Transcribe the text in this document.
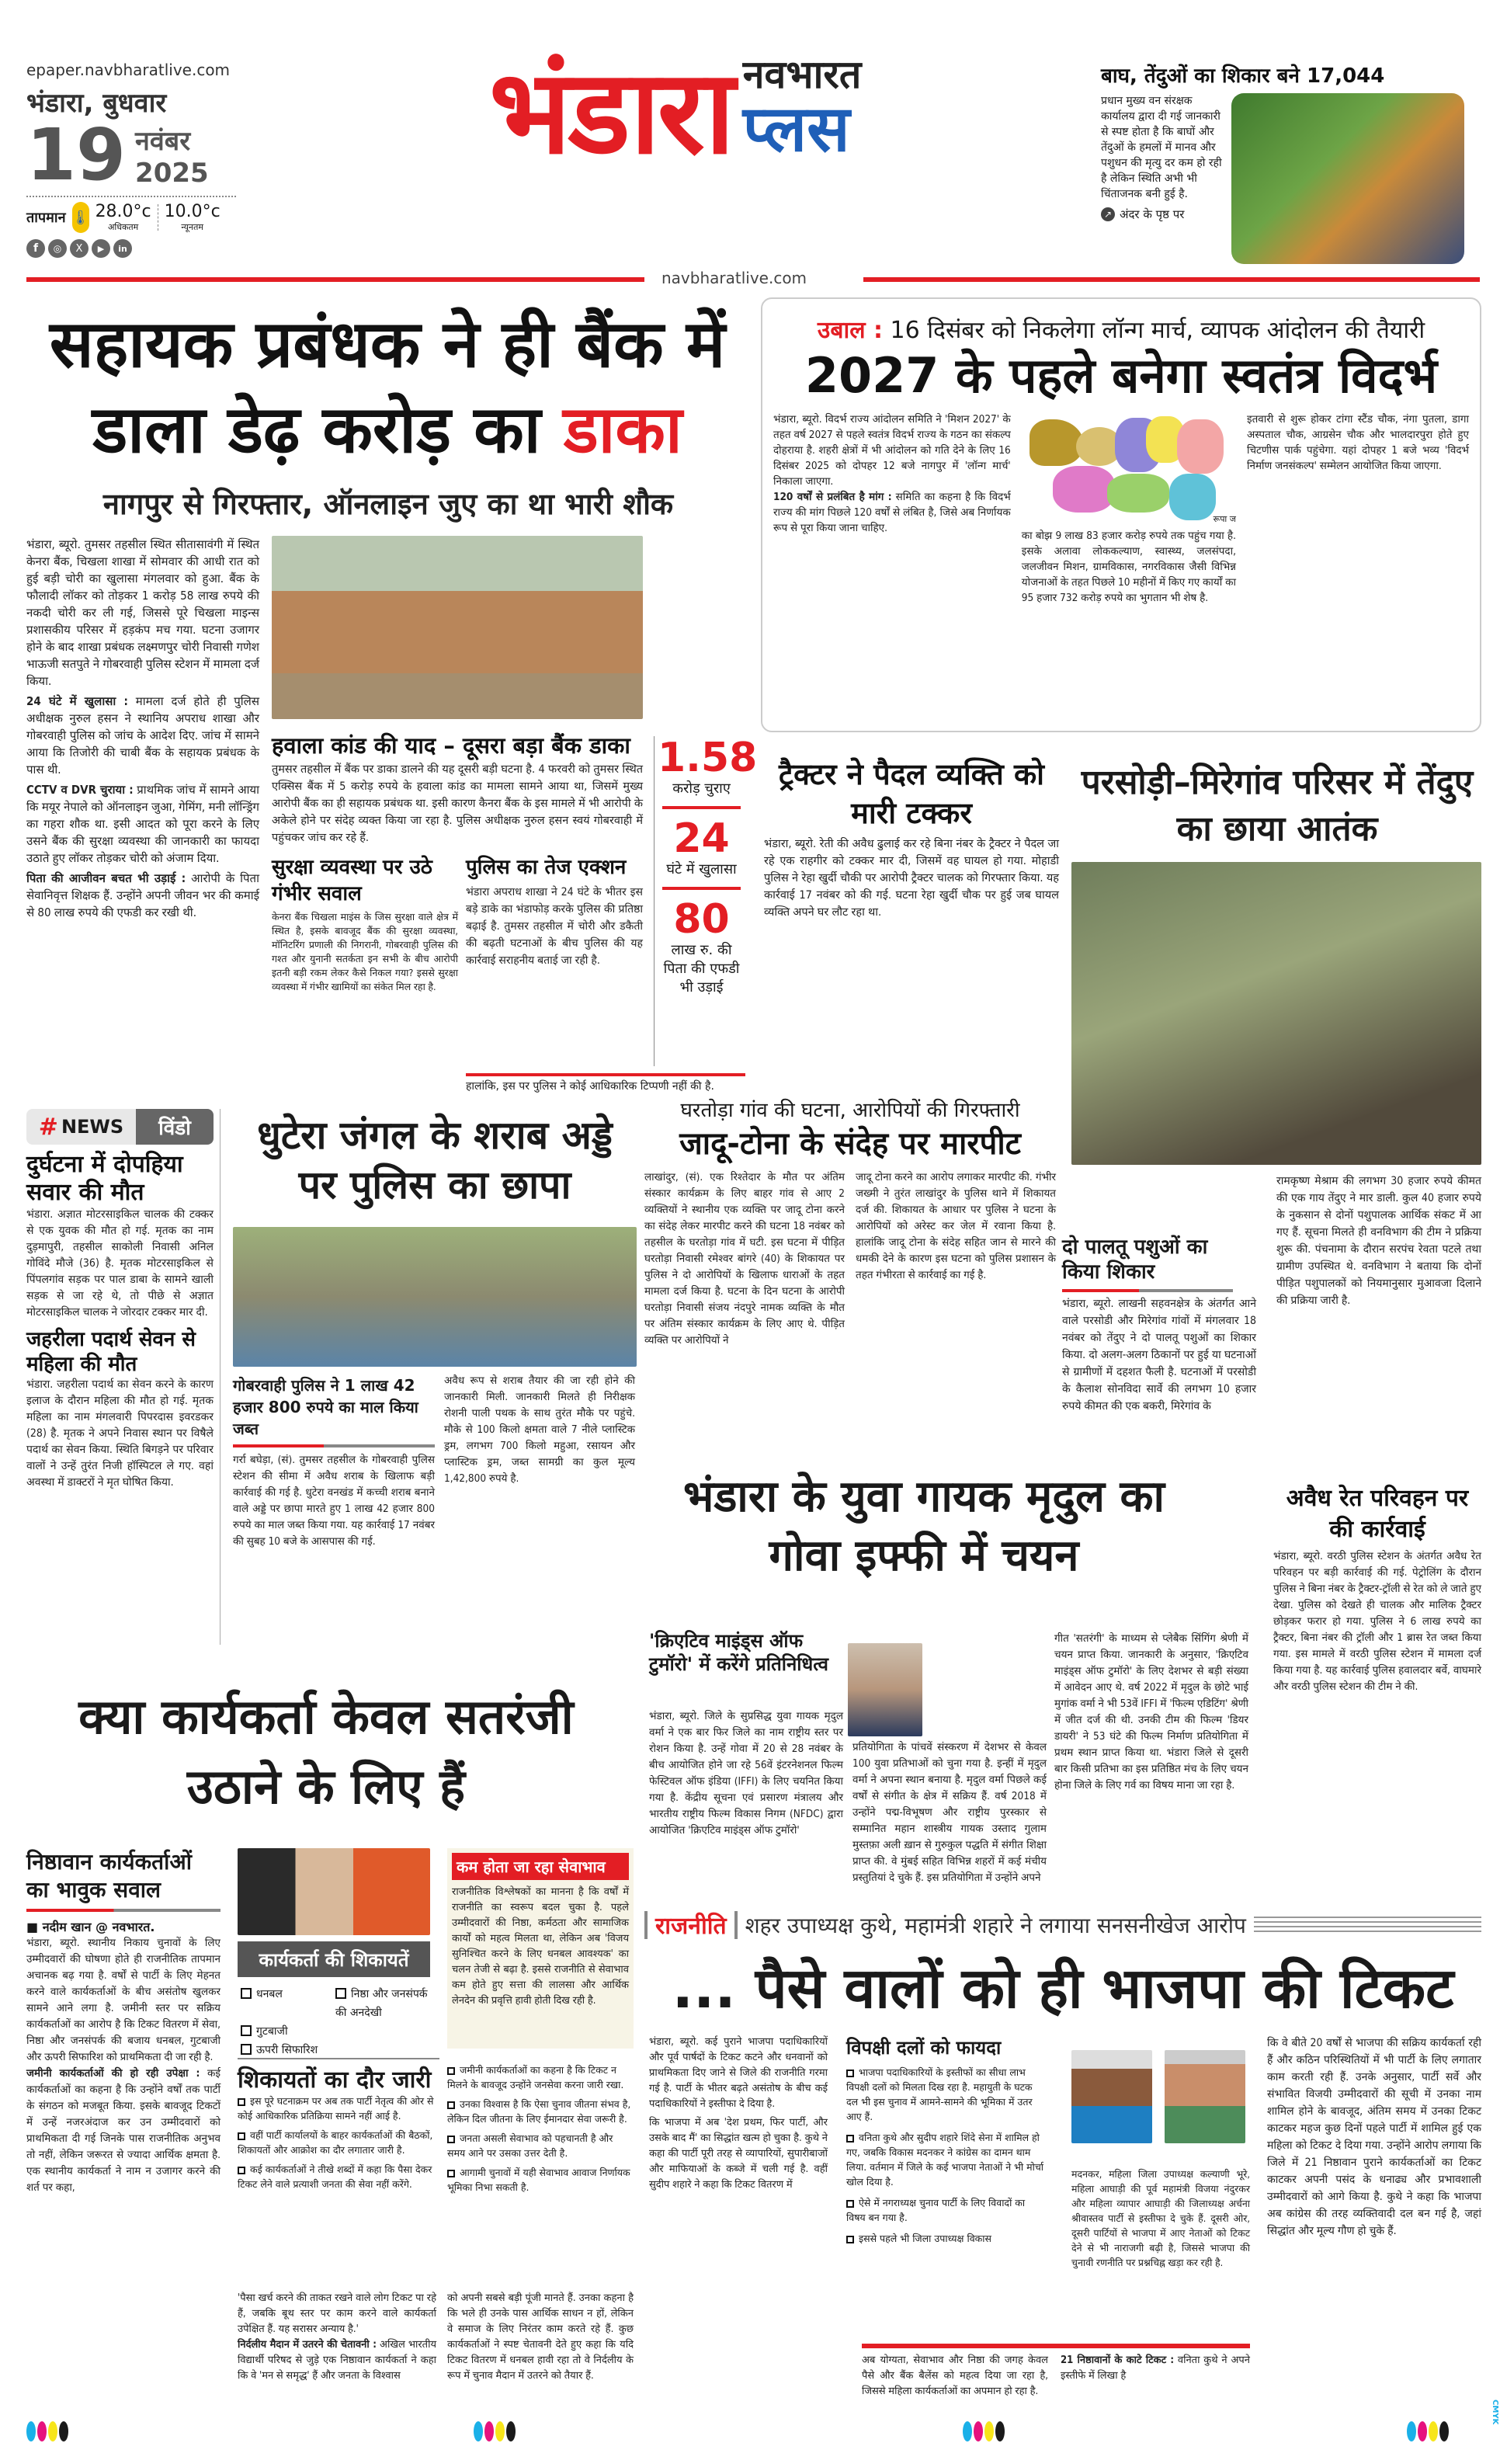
epaper.navbharatlive.com
भंडारा, बुधवार
19 नवंबर
2025
तापमान 🌡 28.0°c
अधिकतम
10.0°c
न्यूनतम
f	◎	X	▶	in
भंडारा नवभारत
प्लस
बाघ, तेंदुओं का शिकार बने 17,044
प्रधान मुख्य वन संरक्षक कार्यालय द्वारा दी गई जानकारी से स्पष्ट होता है कि बाघों और तेंदुओं के हमलों में मानव और पशुधन की मृत्यु दर कम हो रही है लेकिन स्थिति अभी भी चिंताजनक बनी हुई है.
↗ अंदर के पृष्ठ पर
navbharatlive.com
सहायक प्रबंधक ने ही बैंक में
डाला डेढ़ करोड़ का डाका
नागपुर से गिरफ्तार, ऑनलाइन जुए का था भारी शौक

भंडारा, ब्यूरो. तुमसर तहसील स्थित सीतासावंगी में स्थित केनरा बैंक, चिखला शाखा में सोमवार की आधी रात को हुई बड़ी चोरी का खुलासा मंगलवार को हुआ. बैंक के फौलादी लॉकर को तोड़कर 1 करोड़ 58 लाख रुपये की नकदी चोरी कर ली गई, जिससे पूरे चिखला माइन्स प्रशासकीय परिसर में हड़कंप मच गया. घटना उजागर होने के बाद शाखा प्रबंधक लक्ष्मणपुर चोरी निवासी गणेश भाऊजी सतपुते ने गोबरवाही पुलिस स्टेशन में मामला दर्ज किया.

24 घंटे में खुलासा : मामला दर्ज होते ही पुलिस अधीक्षक नुरुल हसन ने स्थानिय अपराध शाखा और गोबरवाही पुलिस को जांच के आदेश दिए. जांच में सामने आया कि तिजोरी की चाबी बैंक के सहायक प्रबंधक के पास थी.

CCTV व DVR चुराया : प्राथमिक जांच में सामने आया कि मयूर नेपाले को ऑनलाइन जुआ, गेमिंग, मनी लॉन्ड्रिंग का गहरा शौक था. इसी आदत को पूरा करने के लिए उसने बैंक की सुरक्षा व्यवस्था की जानकारी का फायदा उठाते हुए लॉकर तोड़कर चोरी को अंजाम दिया.

पिता की आजीवन बचत भी उड़ाई : आरोपी के पिता सेवानिवृत्त शिक्षक हैं. उन्होंने अपनी जीवन भर की कमाई से 80 लाख रुपये की एफडी कर रखी थी.

हवाला कांड की याद – दूसरा बड़ा बैंक डाका

तुमसर तहसील में बैंक पर डाका डालने की यह दूसरी बड़ी घटना है. 4 फरवरी को तुमसर स्थित एक्सिस बैंक में 5 करोड़ रुपये के हवाला कांड का मामला सामने आया था, जिसमें मुख्य आरोपी बैंक का ही सहायक प्रबंधक था. इसी कारण कैनरा बैंक के इस मामले में भी आरोपी के अकेले होने पर संदेह व्यक्त किया जा रहा है. पुलिस अधीक्षक नुरुल हसन स्वयं गोबरवाही में पहुंचकर जांच कर रहे हैं.

सुरक्षा व्यवस्था पर उठे गंभीर सवाल

केनरा बैंक चिखला माइंस के जिस सुरक्षा वाले क्षेत्र में स्थित है, इसके बावजूद बैंक की सुरक्षा व्यवस्था, मॉनिटरिंग प्रणाली की निगरानी, गोबरवाही पुलिस की गश्त और युनानी सतर्कता इन सभी के बीच आरोपी इतनी बड़ी रकम लेकर कैसे निकल गया? इससे सुरक्षा व्यवस्था में गंभीर खामियों का संकेत मिल रहा है.

पुलिस का तेज एक्शन

भंडारा अपराध शाखा ने 24 घंटे के भीतर इस बड़े डाके का भंडाफोड़ करके पुलिस की प्रतिष्ठा बढ़ाई है. तुमसर तहसील में चोरी और डकैती की बढ़ती घटनाओं के बीच पुलिस की यह कार्रवाई सराहनीय बताई जा रही है.

1.58
करोड़ चुराए
24
घंटे में खुलासा
80
लाख रु. की पिता की एफडी भी उड़ाई
हालांकि, इस पर पुलिस ने कोई आधिकारिक टिप्पणी नहीं की है.
उबाल : 16 दिसंबर को निकलेगा लॉन्ग मार्च, व्यापक आंदोलन की तैयारी
2027 के पहले बनेगा स्वतंत्र विदर्भ

भंडारा, ब्यूरो. विदर्भ राज्य आंदोलन समिति ने 'मिशन 2027' के तहत वर्ष 2027 से पहले स्वतंत्र विदर्भ राज्य के गठन का संकल्प दोहराया है. शहरी क्षेत्रों में भी आंदोलन को गति देने के लिए 16 दिसंबर 2025 को दोपहर 12 बजे नागपुर में 'लॉन्ग मार्च' निकाला जाएगा.

120 वर्षों से प्रलंबित है मांग : समिति का कहना है कि विदर्भ राज्य की मांग पिछले 120 वर्षों से लंबित है, जिसे अब निर्णायक रूप से पूरा किया जाना चाहिए.

रूपा ज

का बोझ 9 लाख 83 हजार करोड़ रुपये तक पहुंच गया है. इसके अलावा लोककल्याण, स्वास्थ्य, जलसंपदा, जलजीवन मिशन, ग्रामविकास, नगरविकास जैसी विभिन्न योजनाओं के तहत पिछले 10 महीनों में किए गए कार्यों का 95 हजार 732 करोड़ रुपये का भुगतान भी शेष है.

इतवारी से शुरू होकर टांगा स्टैंड चौक, नंगा पुतला, डागा अस्पताल चौक, आग्रसेन चौक और भालदारपुरा होते हुए चिटणीस पार्क पहुंचेगा. यहां दोपहर 1 बजे भव्य 'विदर्भ निर्माण जनसंकल्प' सम्मेलन आयोजित किया जाएगा.

ट्रैक्टर ने पैदल व्यक्ति को मारी टक्कर

भंडारा, ब्यूरो. रेती की अवैध ढुलाई कर रहे बिना नंबर के ट्रैक्टर ने पैदल जा रहे एक राहगीर को टक्कर मार दी, जिसमें वह घायल हो गया. मोहाडी पुलिस ने रेहा खुर्दी चौकी पर आरोपी ट्रैक्टर चालक को गिरफ्तार किया. यह कार्रवाई 17 नवंबर को की गई. घटना रेहा खुर्दी चौक पर हुई जब घायल व्यक्ति अपने घर लौट रहा था.

परसोड़ी–मिरेगांव परिसर में तेंदुए का छाया आतंक
दो पालतू पशुओं का किया शिकार

भंडारा, ब्यूरो. लाखनी सहवनक्षेत्र के अंतर्गत आने वाले परसोडी और मिरेगांव गांवों में मंगलवार 18 नवंबर को तेंदुए ने दो पालतू पशुओं का शिकार किया. दो अलग-अलग ठिकानों पर हुई या घटनाओं से ग्रामीणों में दहशत फैली है. घटनाओं में परसोडी के कैलाश सोनविदा सार्वे की लगभग 10 हजार रुपये कीमत की एक बकरी, मिरेगांव के

रामकृष्ण मेश्राम की लगभग 30 हजार रुपये कीमत की एक गाय तेंदुए ने मार डाली. कुल 40 हजार रुपये के नुकसान से दोनों पशुपालक आर्थिक संकट में आ गए हैं. सूचना मिलते ही वनविभाग की टीम ने प्रक्रिया शुरू की. पंचनामा के दौरान सरपंच रेवता पटले तथा ग्रामीण उपस्थित थे. वनविभाग ने बताया कि दोनों पीड़ित पशुपालकों को नियमानुसार मुआवजा दिलाने की प्रक्रिया जारी है.

# NEWS	विंडो
दुर्घटना में दोपहिया सवार की मौत

भंडारा. अज्ञात मोटरसाइकिल चालक की टक्कर से एक युवक की मौत हो गई. मृतक का नाम दुड़मापुरी, तहसील साकोली निवासी अनिल गोविंदे मौजे (36) है. मृतक मोटरसाइकिल से पिंपलगांव सड़क पर पाल डाबा के सामने खाली सड़क से जा रहे थे, तो पीछे से अज्ञात मोटरसाइकिल चालक ने जोरदार टक्कर मार दी.

जहरीला पदार्थ सेवन से महिला की मौत

भंडारा. जहरीला पदार्थ का सेवन करने के कारण इलाज के दौरान महिला की मौत हो गई. मृतक महिला का नाम मंगलवारी पिपरदास इवरडकर (28) है. मृतक ने अपने निवास स्थान पर विषैले पदार्थ का सेवन किया. स्थिति बिगड़ने पर परिवार वालों ने उन्हें तुरंत निजी हॉस्पिटल ले गए. वहां अवस्था में डाक्टरों ने मृत घोषित किया.

धुटेरा जंगल के शराब अड्डे पर पुलिस का छापा
गोबरवाही पुलिस ने 1 लाख 42 हजार 800 रुपये का माल किया जब्त

गर्रा बघेड़ा, (सं). तुमसर तहसील के गोबरवाही पुलिस स्टेशन की सीमा में अवैध शराब के खिलाफ बड़ी कार्रवाई की गई है. धुटेरा वनखंड में कच्ची शराब बनाने वाले अड्डे पर छापा मारते हुए 1 लाख 42 हजार 800 रुपये का माल जब्त किया गया. यह कार्रवाई 17 नवंबर की सुबह 10 बजे के आसपास की गई.

अवैध रूप से शराब तैयार की जा रही होने की जानकारी मिली. जानकारी मिलते ही निरीक्षक रोशनी पाली पथक के साथ तुरंत मौके पर पहुंचे. मौके से 100 किलो क्षमता वाले 7 नीले प्लास्टिक ड्रम, लगभग 700 किलो महुआ, रसायन और प्लास्टिक ड्रम, जब्त सामग्री का कुल मूल्य 1,42,800 रुपये है.

घरतोड़ा गांव की घटना, आरोपियों की गिरफ्तारी
जादू-टोना के संदेह पर मारपीट

लाखांदुर, (सं). एक रिश्तेदार के मौत पर अंतिम संस्कार कार्यक्रम के लिए बाहर गांव से आए 2 व्यक्तियों ने स्थानीय एक व्यक्ति पर जादू टोना करने का संदेह लेकर मारपीट करने की घटना 18 नवंबर को तहसील के घरतोड़ा गांव में घटी. इस घटना में पीड़ित घरतोड़ा निवासी रमेश्वर बांगरे (40) के शिकायत पर पुलिस ने दो आरोपियों के खिलाफ धाराओं के तहत मामला दर्ज किया है. घटना के दिन घटना के आरोपी घरतोड़ा निवासी संजय नंदपुरे नामक व्यक्ति के मौत पर अंतिम संस्कार कार्यक्रम के लिए आए थे. पीड़ित व्यक्ति पर आरोपियों ने

जादू टोना करने का आरोप लगाकर मारपीट की. गंभीर जख्मी ने तुरंत लाखांदुर के पुलिस थाने में शिकायत दर्ज की. शिकायत के आधार पर पुलिस ने घटना के आरोपियों को अरेस्ट कर जेल में रवाना किया है. हालांकि जादू टोना के संदेह सहित जान से मारने की धमकी देने के कारण इस घटना को पुलिस प्रशासन के तहत गंभीरता से कार्रवाई का गई है.

भंडारा के युवा गायक मृदुल का गोवा इफ्फी में चयन
'क्रिएटिव माइंड्स ऑफ टुमॉरो' में करेंगे प्रतिनिधित्व

भंडारा, ब्यूरो. जिले के सुप्रसिद्ध युवा गायक मृदुल वर्मा ने एक बार फिर जिले का नाम राष्ट्रीय स्तर पर रोशन किया है. उन्हें गोवा में 20 से 28 नवंबर के बीच आयोजित होने जा रहे 56वें इंटरनेशनल फिल्म फेस्टिवल ऑफ इंडिया (IFFI) के लिए चयनित किया गया है. केंद्रीय सूचना एवं प्रसारण मंत्रालय और भारतीय राष्ट्रीय फिल्म विकास निगम (NFDC) द्वारा आयोजित 'क्रिएटिव माइंड्स ऑफ टुमॉरो'

प्रतियोगिता के पांचवें संस्करण में देशभर से केवल 100 युवा प्रतिभाओं को चुना गया है. इन्हीं में मृदुल वर्मा ने अपना स्थान बनाया है. मृदुल वर्मा पिछले कई वर्षों से संगीत के क्षेत्र में सक्रिय हैं. वर्ष 2018 में उन्होंने पद्म-विभूषण और राष्ट्रीय पुरस्कार से सम्मानित महान शास्त्रीय गायक उस्ताद गुलाम मुस्तफ़ा अली ख़ान से गुरुकुल पद्धति में संगीत शिक्षा प्राप्त की. वे मुंबई सहित विभिन्न शहरों में कई मंचीय प्रस्तुतियां दे चुके हैं. इस प्रतियोगिता में उन्होंने अपने

गीत 'सतरंगी' के माध्यम से प्लेबैक सिंगिंग श्रेणी में चयन प्राप्त किया. जानकारी के अनुसार, 'क्रिएटिव माइंड्स ऑफ टुमॉरो' के लिए देशभर से बड़ी संख्या में आवेदन आए थे. वर्ष 2022 में मृदुल के छोटे भाई मुगांक वर्मा ने भी 53वें IFFI में 'फिल्म एडिटिंग' श्रेणी में जीत दर्ज की थी. उनकी टीम की फिल्म 'डियर डायरी' ने 53 घंटे की फिल्म निर्माण प्रतियोगिता में प्रथम स्थान प्राप्त किया था. भंडारा जिले से दूसरी बार किसी प्रतिभा का इस प्रतिष्ठित मंच के लिए चयन होना जिले के लिए गर्व का विषय माना जा रहा है.

अवैध रेत परिवहन पर की कार्रवाई

भंडारा, ब्यूरो. वरठी पुलिस स्टेशन के अंतर्गत अवैध रेत परिवहन पर बड़ी कार्रवाई की गई. पेट्रोलिंग के दौरान पुलिस ने बिना नंबर के ट्रैक्टर-ट्रॉली से रेत को ले जाते हुए देखा. पुलिस को देखते ही चालक और मालिक ट्रैक्टर छोड़कर फरार हो गया. पुलिस ने 6 लाख रुपये का ट्रैक्टर, बिना नंबर की ट्रॉली और 1 ब्रास रेत जब्त किया गया. इस मामले में वरठी पुलिस स्टेशन में मामला दर्ज किया गया है. यह कार्रवाई पुलिस हवालदार बर्वे, वाघमारे और वरठी पुलिस स्टेशन की टीम ने की.

क्या कार्यकर्ता केवल सतरंजी उठाने के लिए हैं
निष्ठावान कार्यकर्ताओं का भावुक सवाल

■ नदीम खान @ नवभारत.

भंडारा, ब्यूरो. स्थानीय निकाय चुनावों के लिए उम्मीदवारों की घोषणा होते ही राजनीतिक तापमान अचानक बढ़ गया है. वर्षों से पार्टी के लिए मेहनत करने वाले कार्यकर्ताओं के बीच असंतोष खुलकर सामने आने लगा है. जमीनी स्तर पर सक्रिय कार्यकर्ताओं का आरोप है कि टिकट वितरण में सेवा, निष्ठा और जनसंपर्क की बजाय धनबल, गुटबाजी और ऊपरी सिफारिश को प्राथमिकता दी जा रही है.

जमीनी कार्यकर्ताओं की हो रही उपेक्षा : कई कार्यकर्ताओं का कहना है कि उन्होंने वर्षों तक पार्टी के संगठन को मजबूत किया. इसके बावजूद टिकटों में उन्हें नजरअंदाज कर उन उम्मीदवारों को प्राथमिकता दी गई जिनके पास राजनीतिक अनुभव तो नहीं, लेकिन जरूरत से ज्यादा आर्थिक क्षमता है. एक स्थानीय कार्यकर्ता ने नाम न उजागर करने की शर्त पर कहा,

कार्यकर्ता की शिकायतें
धनबल	निष्ठा और जनसंपर्क की अनदेखी
गुटबाजी
ऊपरी सिफारिश
कम होता जा रहा सेवाभाव

राजनीतिक विश्लेषकों का मानना है कि वर्षों में राजनीति का स्वरूप बदल चुका है. पहले उम्मीदवारों की निष्ठा, कर्मठता और सामाजिक कार्यों को महत्व मिलता था, लेकिन अब 'विजय सुनिश्चित करने के लिए धनबल आवश्यक' का चलन तेजी से बढ़ा है. इससे राजनीति से सेवाभाव कम होते हुए सत्ता की लालसा और आर्थिक लेनदेन की प्रवृत्ति हावी होती दिख रही है.

शिकायतों का दौर जारी

इस पूरे घटनाक्रम पर अब तक पार्टी नेतृत्व की ओर से कोई आधिकारिक प्रतिक्रिया सामने नहीं आई है.

वहीं पार्टी कार्यालयों के बाहर कार्यकर्ताओं की बैठकों, शिकायतों और आक्रोश का दौर लगातार जारी है.

कई कार्यकर्ताओं ने तीखे शब्दों में कहा कि पैसा देकर टिकट लेने वाले प्रत्याशी जनता की सेवा नहीं करेंगे.

जमीनी कार्यकर्ताओं का कहना है कि टिकट न मिलने के बावजूद उन्होंने जनसेवा करना जारी रखा.

उनका विश्वास है कि ऐसा चुनाव जीतना संभव है, लेकिन दिल जीतना के लिए ईमानदार सेवा जरूरी है.

जनता असली सेवाभाव को पहचानती है और समय आने पर उसका उत्तर देती है.

आगामी चुनावों में यही सेवाभाव आवाज निर्णायक भूमिका निभा सकती है.

'पैसा खर्च करने की ताकत रखने वाले लोग टिकट पा रहे हैं, जबकि बूथ स्तर पर काम करने वाले कार्यकर्ता उपेक्षित हैं. यह सरासर अन्याय है.'

निर्दलीय मैदान में उतरने की चेतावनी : अखिल भारतीय विद्यार्थी परिषद से जुड़े एक निष्ठावान कार्यकर्ता ने कहा कि वे 'मन से समृद्ध' हैं और जनता के विश्वास

को अपनी सबसे बड़ी पूंजी मानते हैं. उनका कहना है कि भले ही उनके पास आर्थिक साधन न हों, लेकिन वे समाज के लिए निरंतर काम करते रहे हैं. कुछ कार्यकर्ताओं ने स्पष्ट चेतावनी देते हुए कहा कि यदि टिकट वितरण में धनबल हावी रहा तो वे निर्दलीय के रूप में चुनाव मैदान में उतरने को तैयार हैं.

राजनीति शहर उपाध्यक्ष कुथे, महामंत्री शहारे ने लगाया सनसनीखेज आरोप
... पैसे वालों को ही भाजपा की टिकट

भंडारा, ब्यूरो. कई पुराने भाजपा पदाधिकारियों और पूर्व पार्षदों के टिकट कटने और धनवानों को प्राथमिकता दिए जाने से जिले की राजनीति गरमा गई है. पार्टी के भीतर बढ़ते असंतोष के बीच कई पदाधिकारियों ने इस्तीफा दे दिया है.

कि भाजपा में अब 'देश प्रथम, फिर पार्टी, और उसके बाद मैं' का सिद्धांत खत्म हो चुका है. कुथे ने कहा की पार्टी पूरी तरह से व्यापारियों, सुपारीबाजों और माफियाओं के कब्जे में चली गई है. वहीं सुदीप शहारे ने कहा कि टिकट वितरण में

विपक्षी दलों को फायदा

भाजपा पदाधिकारियों के इस्तीफों का सीधा लाभ विपक्षी दलों को मिलता दिख रहा है. महायुती के घटक दल भी इस चुनाव में आमने-सामने की भूमिका में उतर आए हैं.

वनिता कुथे और सुदीप शहारे शिंदे सेना में शामिल हो गए, जबकि विकास मदनकर ने कांग्रेस का दामन थाम लिया. वर्तमान में जिले के कई भाजपा नेताओं ने भी मोर्चा खोल दिया है.

ऐसे में नगराध्यक्ष चुनाव पार्टी के लिए विवादों का विषय बन गया है.

इससे पहले भी जिला उपाध्यक्ष विकास

मदनकर, महिला जिला उपाध्यक्ष कल्याणी भूरे, महिला आघाड़ी की पूर्व महामंत्री विजया नंदुरकर और महिला व्यापार आघाड़ी की जिलाध्यक्ष अर्चना श्रीवास्तव पार्टी से इस्तीफा दे चुके हैं. दूसरी ओर, दूसरी पार्टियों से भाजपा में आए नेताओं को टिकट देने से भी नाराजगी बढ़ी है, जिससे भाजपा की चुनावी रणनीति पर प्रश्नचिह्न खड़ा कर रही है.

अब योग्यता, सेवाभाव और निष्ठा की जगह केवल पैसे और बैंक बैलेंस को महत्व दिया जा रहा है, जिससे महिला कार्यकर्ताओं का अपमान हो रहा है.

21 निष्ठावानों के काटे टिकट : वनिता कुथे ने अपने इस्तीफे में लिखा है

कि वे बीते 20 वर्षों से भाजपा की सक्रिय कार्यकर्ता रही हैं और कठिन परिस्थितियों में भी पार्टी के लिए लगातार काम करती रही हैं. उनके अनुसार, पार्टी सर्वे और संभावित विजयी उम्मीदवारों की सूची में उनका नाम शामिल होने के बावजूद, अंतिम समय में उनका टिकट काटकर महज कुछ दिनों पहले पार्टी में शामिल हुई एक महिला को टिकट दे दिया गया. उन्होंने आरोप लगाया कि जिले में 21 निष्ठावान पुराने कार्यकर्ताओं का टिकट काटकर अपनी पसंद के धनाढ्य और प्रभावशाली उम्मीदवारों को आगे किया है. कुथे ने कहा कि भाजपा अब कांग्रेस की तरह व्यक्तिवादी दल बन गई है, जहां सिद्धांत और मूल्य गौण हो चुके हैं.

CMYK
